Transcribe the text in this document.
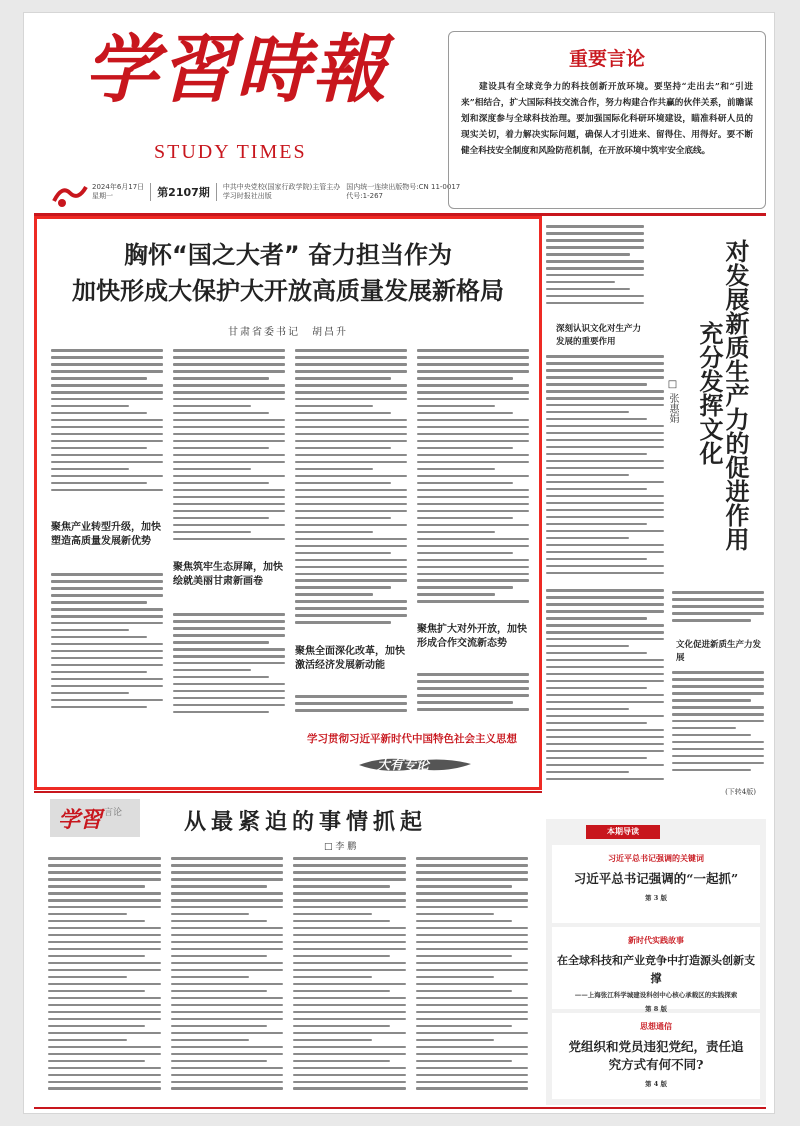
学習時報
STUDY TIMES
2024年6月17日
星期一	第2107期 中共中央党校(国家行政学院)主管主办
学习时报社出版
国内统一连续出版物号:CN 11-0017
代号:1-267
重要言论
建设具有全球竞争力的科技创新开放环境。要坚持“走出去”和“引进来”相结合，扩大国际科技交流合作，努力构建合作共赢的伙伴关系，前瞻谋划和深度参与全球科技治理。要加强国际化科研环境建设，瞄准科研人员的现实关切，着力解决实际问题，确保人才引进来、留得住、用得好。要不断健全科技安全制度和风险防范机制，在开放环境中筑牢安全底线。
胸怀“国之大者” 奋力担当作为
加快形成大保护大开放高质量发展新格局
甘肃省委书记　胡昌升
聚焦产业转型升级，加快塑造高质量发展新优势
聚焦筑牢生态屏障，加快绘就美丽甘肃新画卷
聚焦全面深化改革，加快激活经济发展新动能
聚焦扩大对外开放，加快形成合作交流新态势
学习贯彻习近平新时代中国特色社会主义思想
大有专论
深刻认识文化对生产力发展的重要作用	对发展新质生产力的促进作用
充分发挥文化
□ 张惠娟
文化促进新质生产力发展
(下转4版)
学習 言论	从最紧迫的事情抓起
□ 李 鹏
本期导读
习近平总书记强调的关键词
习近平总书记强调的“一起抓”
第 3 版
新时代实践故事
在全球科技和产业竞争中打造源头创新支撑
——上海张江科学城建设科创中心核心承载区的实践探索
第 8 版
思想通信
党组织和党员违犯党纪，责任追究方式有何不同?
第 4 版
